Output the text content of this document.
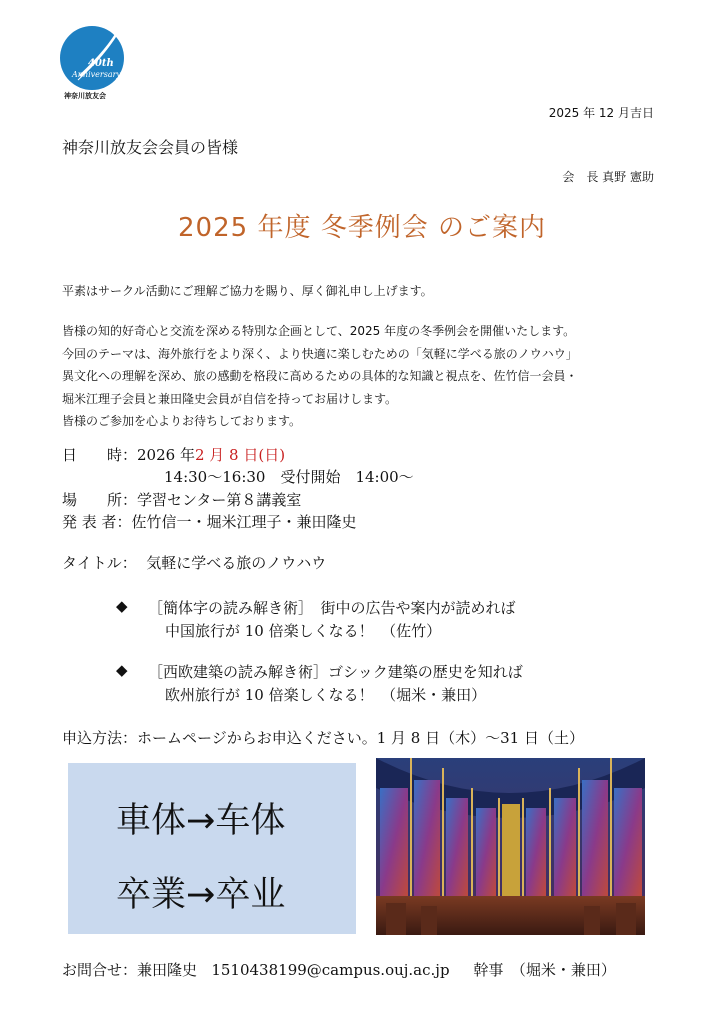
40th
Anniversary
神奈川放友会
2025 年 12 月吉日
神奈川放友会会員の皆様
会　長 真野 憲助
2025 年度 冬季例会 のご案内
平素はサークル活動にご理解ご協力を賜り、厚く御礼申し上げます。
皆様の知的好奇心と交流を深める特別な企画として、2025 年度の冬季例会を開催いたします。
今回のテーマは、海外旅行をより深く、より快適に楽しむための「気軽に学べる旅のノウハウ」
異文化への理解を深め、旅の感動を格段に高めるための具体的な知識と視点を、佐竹信一会員・
堀米江理子会員と兼田隆史会員が自信を持ってお届けします。
皆様のご参加を心よりお待ちしております。
日　　時：2026 年2 月 8 日(日)
14:30〜16:30　受付開始　14:00〜
場　　所：学習センター第８講義室
発 表 者：佐竹信一・堀米江理子・兼田隆史
タイトル： 気軽に学べる旅のノウハウ
◆ ［簡体字の読み解き術］　街中の広告や案内が読めれば
中国旅行が 10 倍楽しくなる！　（佐竹）
◆ ［西欧建築の読み解き術］ゴシック建築の歴史を知れば
欧州旅行が 10 倍楽しくなる！　（堀米・兼田）
申込方法：ホームページからお申込ください。1 月 8 日（木）〜31 日（土）
車体→车体
卒業→卒业
お問合せ：兼田隆史 1510438199@campus.ouj.ac.jp 幹事　（堀米・兼田）
